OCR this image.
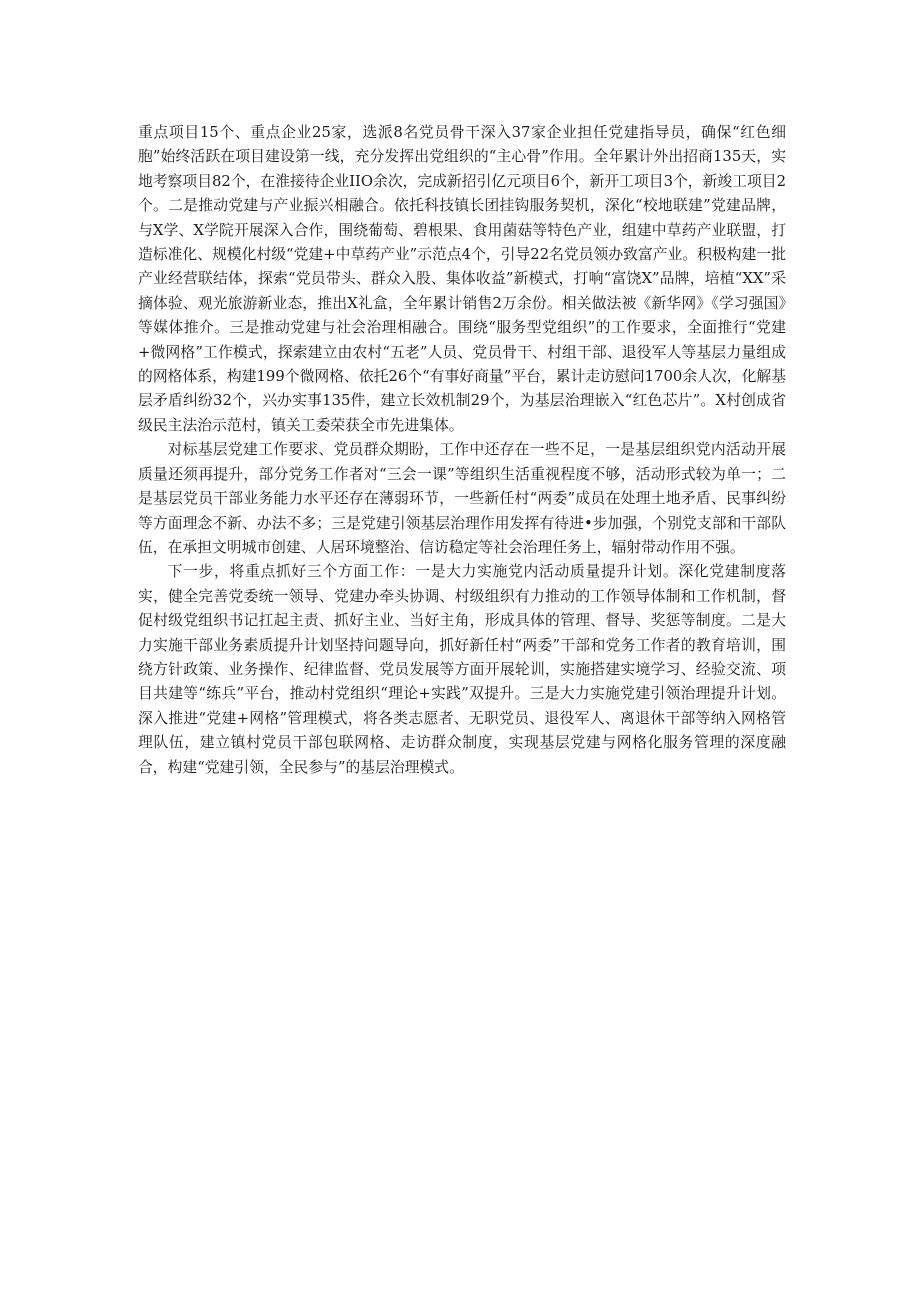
重点项目15个、重点企业25家，选派8名党员骨干深入37家企业担任党建指导员，确保“红色细胞”始终活跃在项目建设第一线，充分发挥出党组织的“主心骨”作用。全年累计外出招商135天，实地考察项目82个，在淮接待企业IIO余次，完成新招引亿元项目6个，新开工项目3个，新竣工项目2个。二是推动党建与产业振兴相融合。依托科技镇长团挂钩服务契机，深化“校地联建”党建品牌，与X学、X学院开展深入合作，围绕葡萄、碧根果、食用菌菇等特色产业，组建中草药产业联盟，打造标准化、规模化村级“党建+中草药产业”示范点4个，引导22名党员领办致富产业。积极构建一批产业经营联结体，探索“党员带头、群众入股、集体收益”新模式，打响“富饶X”品牌，培植“XX”采摘体验、观光旅游新业态，推出X礼盒，全年累计销售2万余份。相关做法被《新华网》《学习强国》等媒体推介。三是推动党建与社会治理相融合。围绕“服务型党组织”的工作要求，全面推行“党建+微网格”工作模式，探索建立由农村“五老”人员、党员骨干、村组干部、退役军人等基层力量组成的网格体系，构建199个微网格、依托26个“有事好商量”平台，累计走访慰问1700余人次，化解基层矛盾纠纷32个，兴办实事135件，建立长效机制29个，为基层治理嵌入“红色芯片”。X村创成省级民主法治示范村，镇关工委荣获全市先进集体。

对标基层党建工作要求、党员群众期盼，工作中还存在一些不足，一是基层组织党内活动开展质量还须再提升，部分党务工作者对“三会一课”等组织生活重视程度不够，活动形式较为单一；二是基层党员干部业务能力水平还存在薄弱环节，一些新任村“两委”成员在处理土地矛盾、民事纠纷等方面理念不新、办法不多；三是党建引领基层治理作用发挥有待进•步加强，个别党支部和干部队伍，在承担文明城市创建、人居环境整治、信访稳定等社会治理任务上，辐射带动作用不强。

下一步，将重点抓好三个方面工作：一是大力实施党内活动质量提升计划。深化党建制度落实，健全完善党委统一领导、党建办牵头协调、村级组织有力推动的工作领导体制和工作机制，督促村级党组织书记扛起主责、抓好主业、当好主角，形成具体的管理、督导、奖惩等制度。二是大力实施干部业务素质提升计划坚持问题导向，抓好新任村“两委”干部和党务工作者的教育培训，围绕方针政策、业务操作、纪律监督、党员发展等方面开展轮训，实施搭建实境学习、经验交流、项目共建等“练兵”平台，推动村党组织“理论+实践”双提升。三是大力实施党建引领治理提升计划。深入推进“党建+网格”管理模式，将各类志愿者、无职党员、退役军人、离退休干部等纳入网格管理队伍，建立镇村党员干部包联网格、走访群众制度，实现基层党建与网格化服务管理的深度融合，构建“党建引领，全民参与”的基层治理模式。
